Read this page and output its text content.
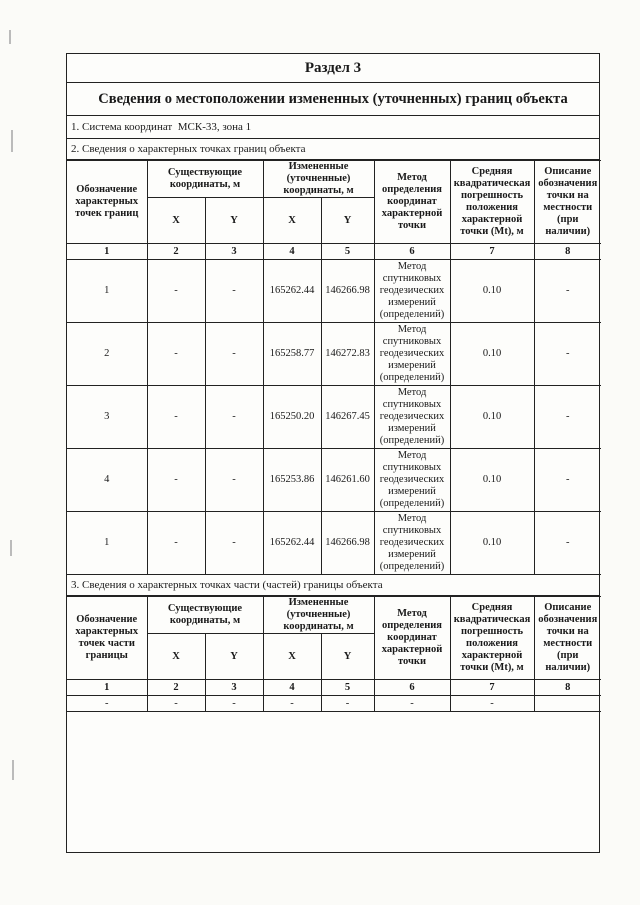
Раздел 3
Сведения о местоположении измененных (уточненных) границ объекта
1. Система координат
МСК-33, зона 1
2. Сведения о характерных точках границ объекта
Обозначение характерных точек границ	Существующие координаты, м		Измененные (уточненные) координаты, м		Метод определения координат характерной точки	Средняя квадратическая погрешность положения характерной точки (Mt), м	Описание обозначения точки на местности (при наличии)
	X	Y	X	Y			
1	2	3	4	5	6	7	8
1	-	-	165262.44	146266.98	Метод спутниковых геодезических измерений (определений)	0.10	-
2	-	-	165258.77	146272.83	Метод спутниковых геодезических измерений (определений)	0.10	-
3	-	-	165250.20	146267.45	Метод спутниковых геодезических измерений (определений)	0.10	-
4	-	-	165253.86	146261.60	Метод спутниковых геодезических измерений (определений)	0.10	-
1	-	-	165262.44	146266.98	Метод спутниковых геодезических измерений (определений)	0.10	-
3. Сведения о характерных точках части (частей) границы объекта
Обозначение характерных точек части границы	Существующие координаты, м		Измененные (уточненные) координаты, м		Метод определения координат характерной точки	Средняя квадратическая погрешность положения характерной точки (Mt), м	Описание обозначения точки на местности (при наличии)
	X	Y	X	Y			
1	2	3	4	5	6	7	8
-	-	-	-	-	-	-	
